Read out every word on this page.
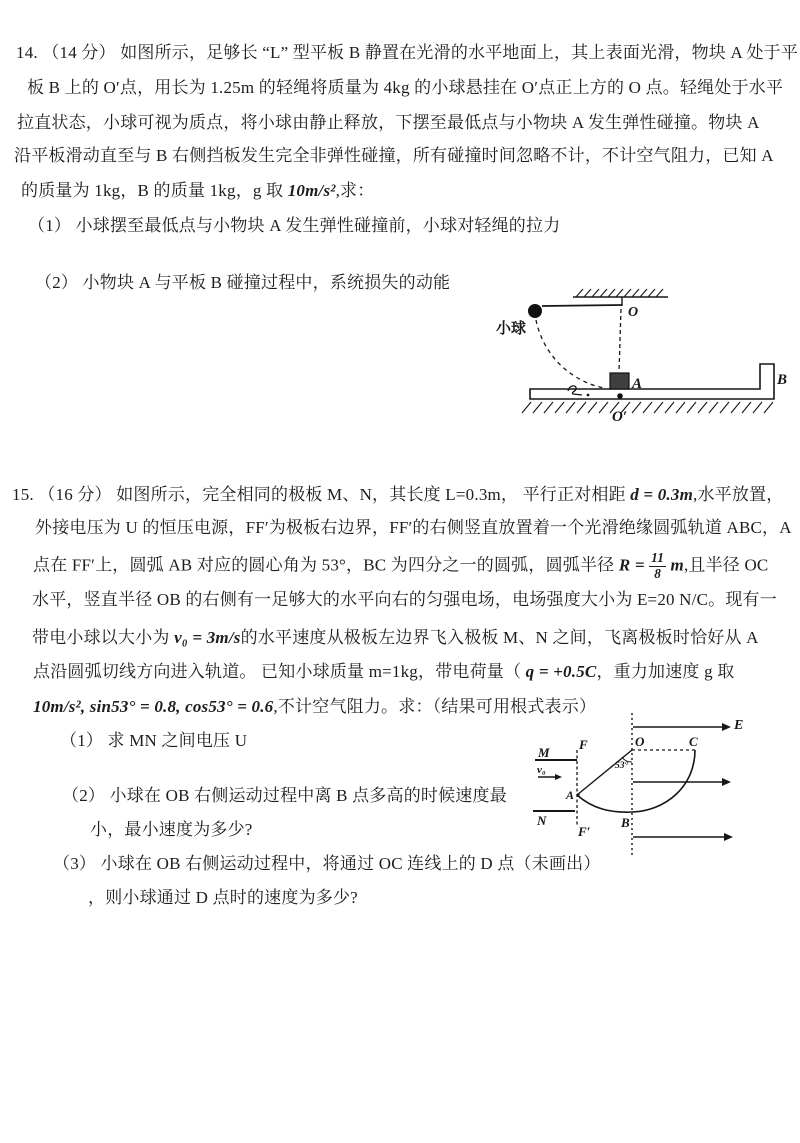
14. （14 分） 如图所示，足够长 “L” 型平板 B 静置在光滑的水平地面上，其上表面光滑，物块 A 处于平
板 B 上的 O′点，用长为 1.25m 的轻绳将质量为 4kg 的小球悬挂在 O′点正上方的 O 点。轻绳处于水平
拉直状态，小球可视为质点，将小球由静止释放，下摆至最低点与小物块 A 发生弹性碰撞。物块 A
沿平板滑动直至与 B 右侧挡板发生完全非弹性碰撞，所有碰撞时间忽略不计，不计空气阻力，已知 A
的质量为 1kg，B 的质量 1kg，g 取 10m/s²,求：
（1） 小球摆至最低点与小物块 A 发生弹性碰撞前，小球对轻绳的拉力
（2） 小物块 A 与平板 B 碰撞过程中，系统损失的动能
小球
O
A	B
O′
15. （16 分） 如图所示，完全相同的极板 M、N，其长度 L=0.3m， 平行正对相距 d = 0.3m,水平放置，
外接电压为 U 的恒压电源，FF′为极板右边界，FF′的右侧竖直放置着一个光滑绝缘圆弧轨道 ABC，A
点在 FF′上，圆弧 AB 对应的圆心角为 53°，BC 为四分之一的圆弧，圆弧半径 $R = \frac{11}{8} m$,且半径 OC
水平，竖直半径 OB 的右侧有一足够大的水平向右的匀强电场，电场强度大小为 E=20 N/C。现有一
带电小球以大小为 v₀ = 3m/s的水平速度从极板左边界飞入极板 M、N 之间，飞离极板时恰好从 A
点沿圆弧切线方向进入轨道。 已知小球质量 m=1kg，带电荷量（ q = +0.5C，重力加速度 g 取
10m/s², sin53° = 0.8, cos53° = 0.6,不计空气阻力。求：（结果可用根式表示）
（1） 求 MN 之间电压 U
（2） 小球在 OB 右侧运动过程中离 B 点多高的时候速度最
小，最小速度为多少?
（3） 小球在 OB 右侧运动过程中，将通过 OC 连线上的 D 点（未画出）
，则小球通过 D 点时的速度为多少?
E
M
v₀
N
F
F′
O	C
53°
A
B
